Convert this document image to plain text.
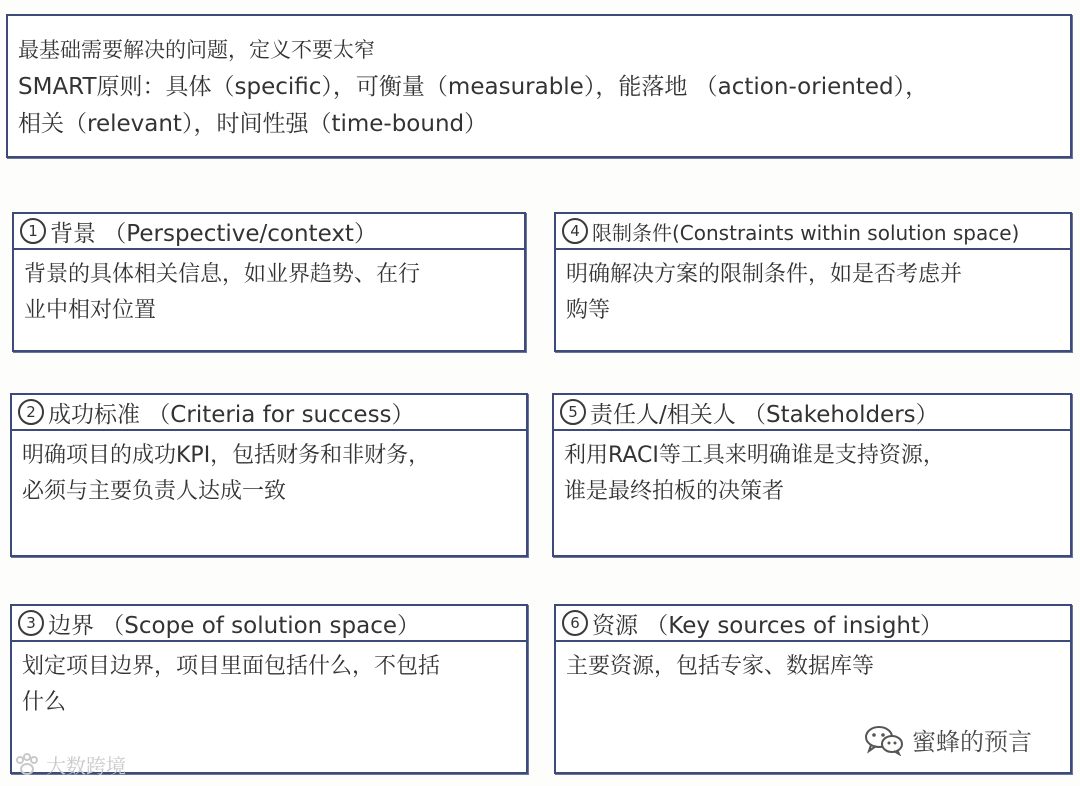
最基础需要解决的问题，定义不要太窄
SMART原则：具体（specific），可衡量（measurable），能落地 （action-oriented），
相关（relevant），时间性强（time-bound）
1 背景 （Perspective/context）
背景的具体相关信息，如业界趋势、在行
业中相对位置
4 限制条件(Constraints within solution space)
明确解决方案的限制条件，如是否考虑并
购等
2 成功标准 （Criteria for success）
明确项目的成功KPI，包括财务和非财务，
必须与主要负责人达成一致
5 责任人/相关人 （Stakeholders）
利用RACI等工具来明确谁是支持资源，
谁是最终拍板的决策者
3 边界 （Scope of solution space）
划定项目边界，项目里面包括什么，不包括
什么
6 资源 （Key sources of insight）
主要资源，包括专家、数据库等
大数跨境
蜜蜂的预言
